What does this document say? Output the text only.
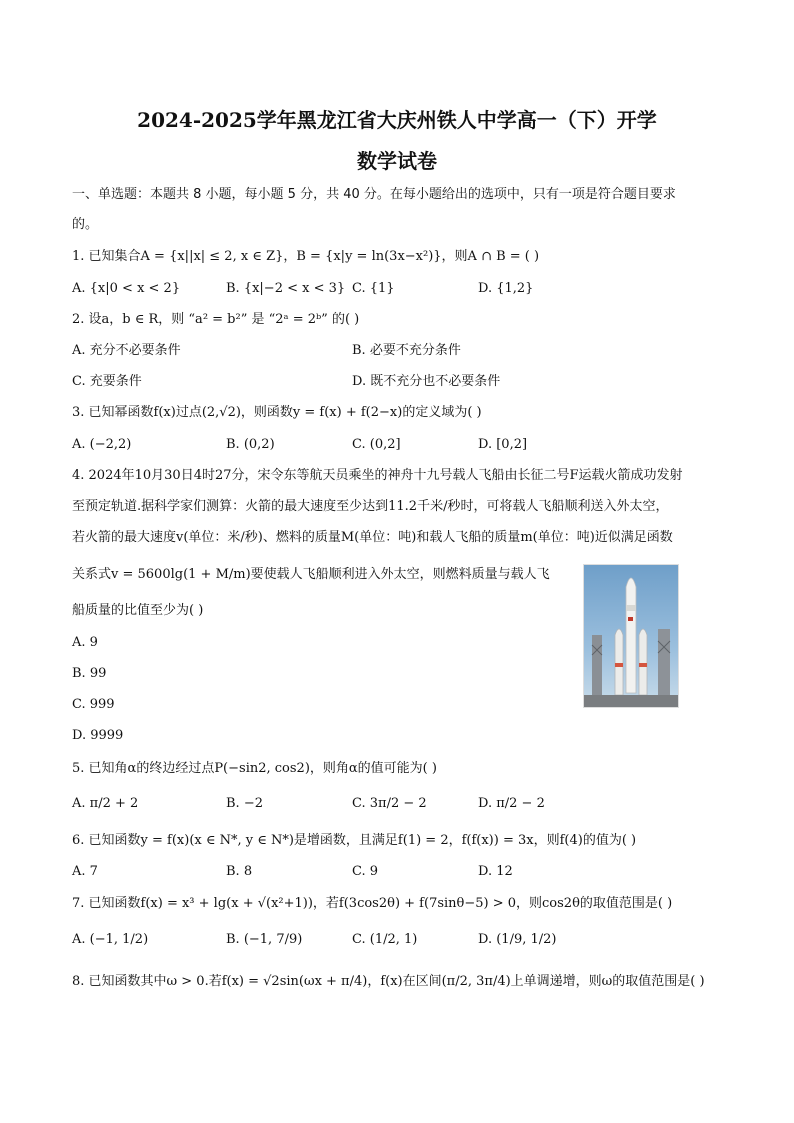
2024-2025学年黑龙江省大庆州铁人中学高一（下）开学
数学试卷
一、单选题：本题共 8 小题，每小题 5 分，共 40 分。在每小题给出的选项中，只有一项是符合题目要求
的。
1. 已知集合A = {x||x| ≤ 2, x ∈ Z}，B = {x|y = ln(3x−x²)}，则A ∩ B = ( )
A. {x|0 < x < 2}	B. {x|−2 < x < 3} C. {1}	D. {1,2}
2. 设a，b ∈ R，则 “a² = b²” 是 “2ᵃ = 2ᵇ” 的( )
A. 充分不必要条件	B. 必要不充分条件
C. 充要条件	D. 既不充分也不必要条件
3. 已知幂函数f(x)过点(2,√2)，则函数y = f(x) + f(2−x)的定义域为( )
A. (−2,2)	B. (0,2)	C. (0,2]	D. [0,2]
4. 2024年10月30日4时27分，宋令东等航天员乘坐的神舟十九号载人飞船由长征二号F运载火箭成功发射
至预定轨道.据科学家们测算：火箭的最大速度至少达到11.2千米/秒时，可将载人飞船顺利送入外太空，
若火箭的最大速度v(单位：米/秒)、燃料的质量M(单位：吨)和载人飞船的质量m(单位：吨)近似满足函数
关系式v = 5600lg(1 + M/m)要使载人飞船顺利进入外太空，则燃料质量与载人飞
船质量的比值至少为( )
A. 9
B. 99
C. 999
D. 9999
5. 已知角α的终边经过点P(−sin2, cos2)，则角α的值可能为( )
A. π/2 + 2	B. −2	C. 3π/2 − 2	D. π/2 − 2
6. 已知函数y = f(x)(x ∈ N*, y ∈ N*)是增函数，且满足f(1) = 2，f(f(x)) = 3x，则f(4)的值为( )
A. 7	B. 8	C. 9	D. 12
7. 已知函数f(x) = x³ + lg(x + √(x²+1))，若f(3cos2θ) + f(7sinθ−5) > 0，则cos2θ的取值范围是( )
A. (−1, 1/2)	B. (−1, 7/9)	C. (1/2, 1)	D. (1/9, 1/2)
8. 已知函数其中ω > 0.若f(x) = √2sin(ωx + π/4)，f(x)在区间(π/2, 3π/4)上单调递增，则ω的取值范围是( )
